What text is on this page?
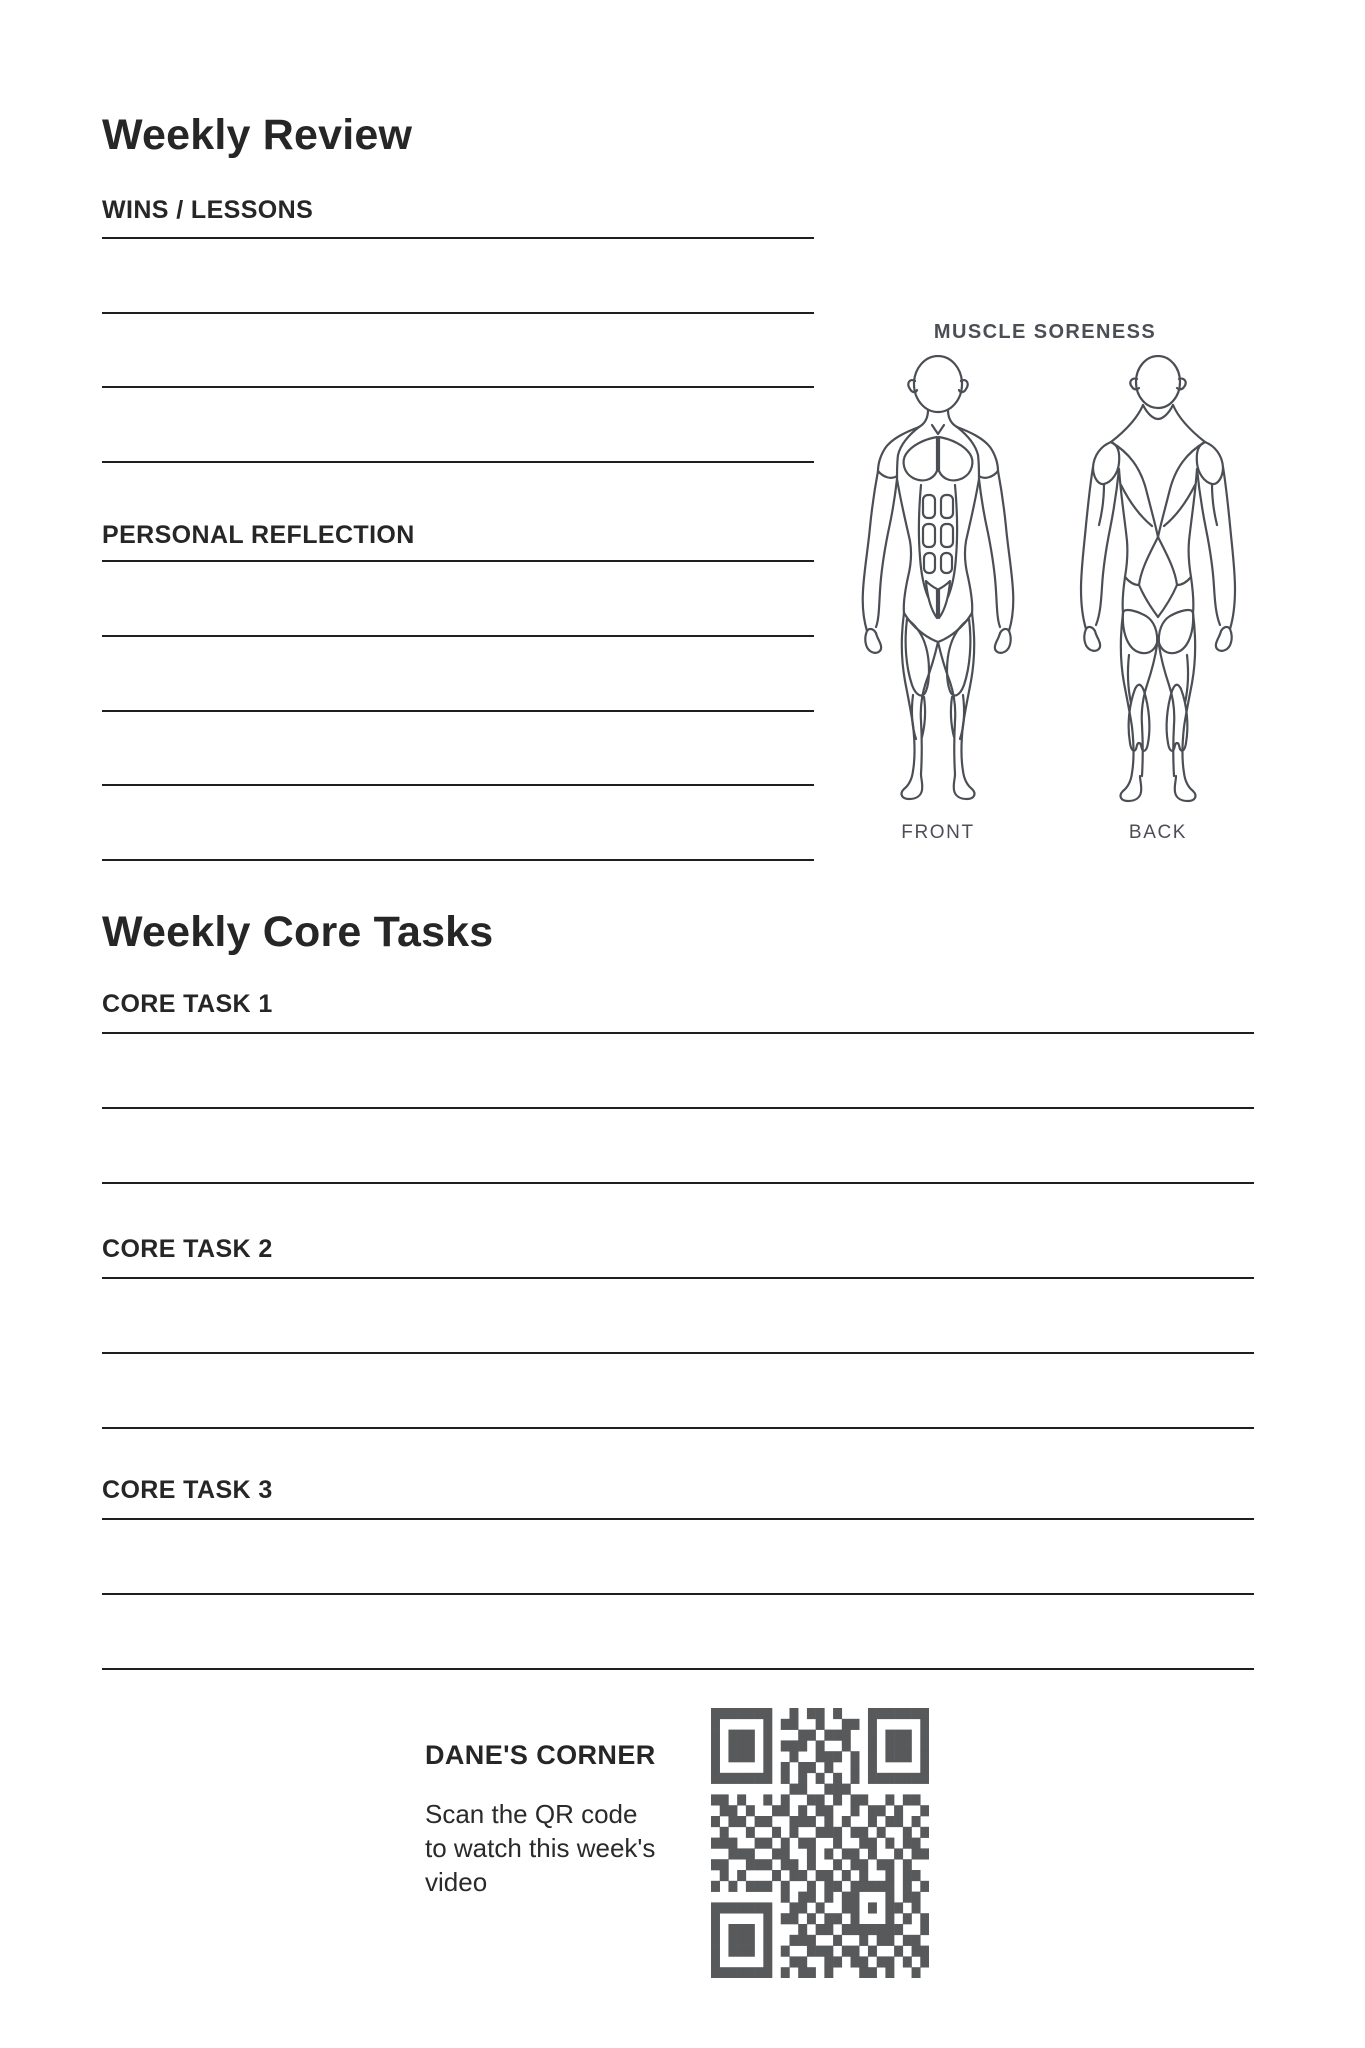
Weekly Review
WINS / LESSONS
PERSONAL REFLECTION
MUSCLE SORENESS
FRONT	BACK
Weekly Core Tasks
CORE TASK 1
CORE TASK 2
CORE TASK 3
DANE'S CORNER
Scan the QR code
to watch this week's
video
